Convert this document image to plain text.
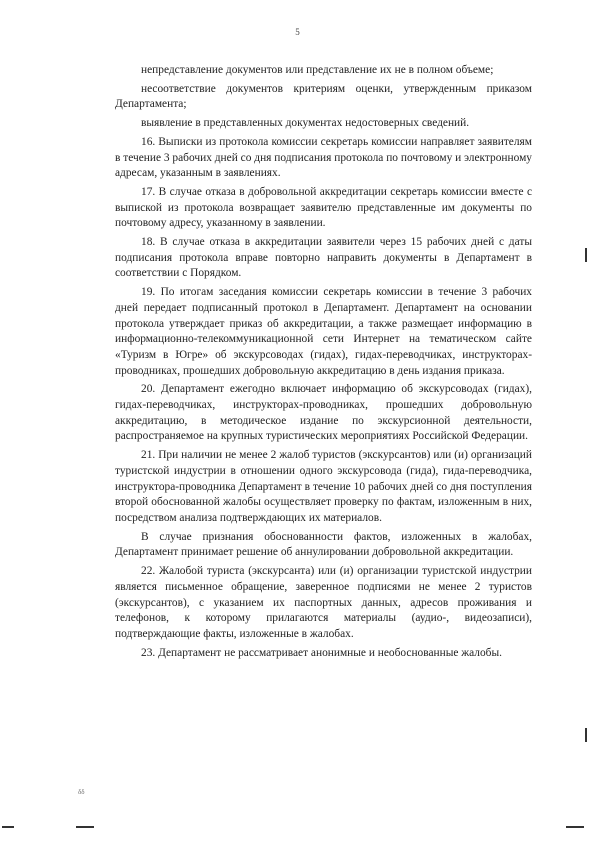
5

непредставление документов или представление их не в полном объеме;

несоответствие документов критериям оценки, утвержденным приказом Департамента;

выявление в представленных документах недостоверных сведений.

16. Выписки из протокола комиссии секретарь комиссии направляет заявителям в течение 3 рабочих дней со дня подписания протокола по почтовому и электронному адресам, указанным в заявлениях.

17. В случае отказа в добровольной аккредитации секретарь комиссии вместе с выпиской из протокола возвращает заявителю представленные им документы по почтовому адресу, указанному в заявлении.

18. В случае отказа в аккредитации заявители через 15 рабочих дней с даты подписания протокола вправе повторно направить документы в Департамент в соответствии с Порядком.

19. По итогам заседания комиссии секретарь комиссии в течение 3 рабочих дней передает подписанный протокол в Департамент. Департамент на основании протокола утверждает приказ об аккредитации, а также размещает информацию в информационно-телекоммуникационной сети Интернет на тематическом сайте «Туризм в Югре» об экскурсоводах (гидах), гидах-переводчиках, инструкторах-проводниках, прошедших добровольную аккредитацию в день издания приказа.

20. Департамент ежегодно включает информацию об экскурсоводах (гидах), гидах-переводчиках, инструкторах-проводниках, прошедших добровольную аккредитацию, в методическое издание по экскурсионной деятельности, распространяемое на крупных туристических мероприятиях Российской Федерации.

21. При наличии не менее 2 жалоб туристов (экскурсантов) или (и) организаций туристской индустрии в отношении одного экскурсовода (гида), гида-переводчика, инструктора-проводника Департамент в течение 10 рабочих дней со дня поступления второй обоснованной жалобы осуществляет проверку по фактам, изложенным в них, посредством анализа подтверждающих их материалов.

В случае признания обоснованности фактов, изложенных в жалобах, Департамент принимает решение об аннулировании добровольной аккредитации.

22. Жалобой туриста (экскурсанта) или (и) организации туристской индустрии является письменное обращение, заверенное подписями не менее 2 туристов (экскурсантов), с указанием их паспортных данных, адресов проживания и телефонов, к которому прилагаются материалы (аудио-, видеозаписи), подтверждающие факты, изложенные в жалобах.

23. Департамент не рассматривает анонимные и необоснованные жалобы.

δδ
